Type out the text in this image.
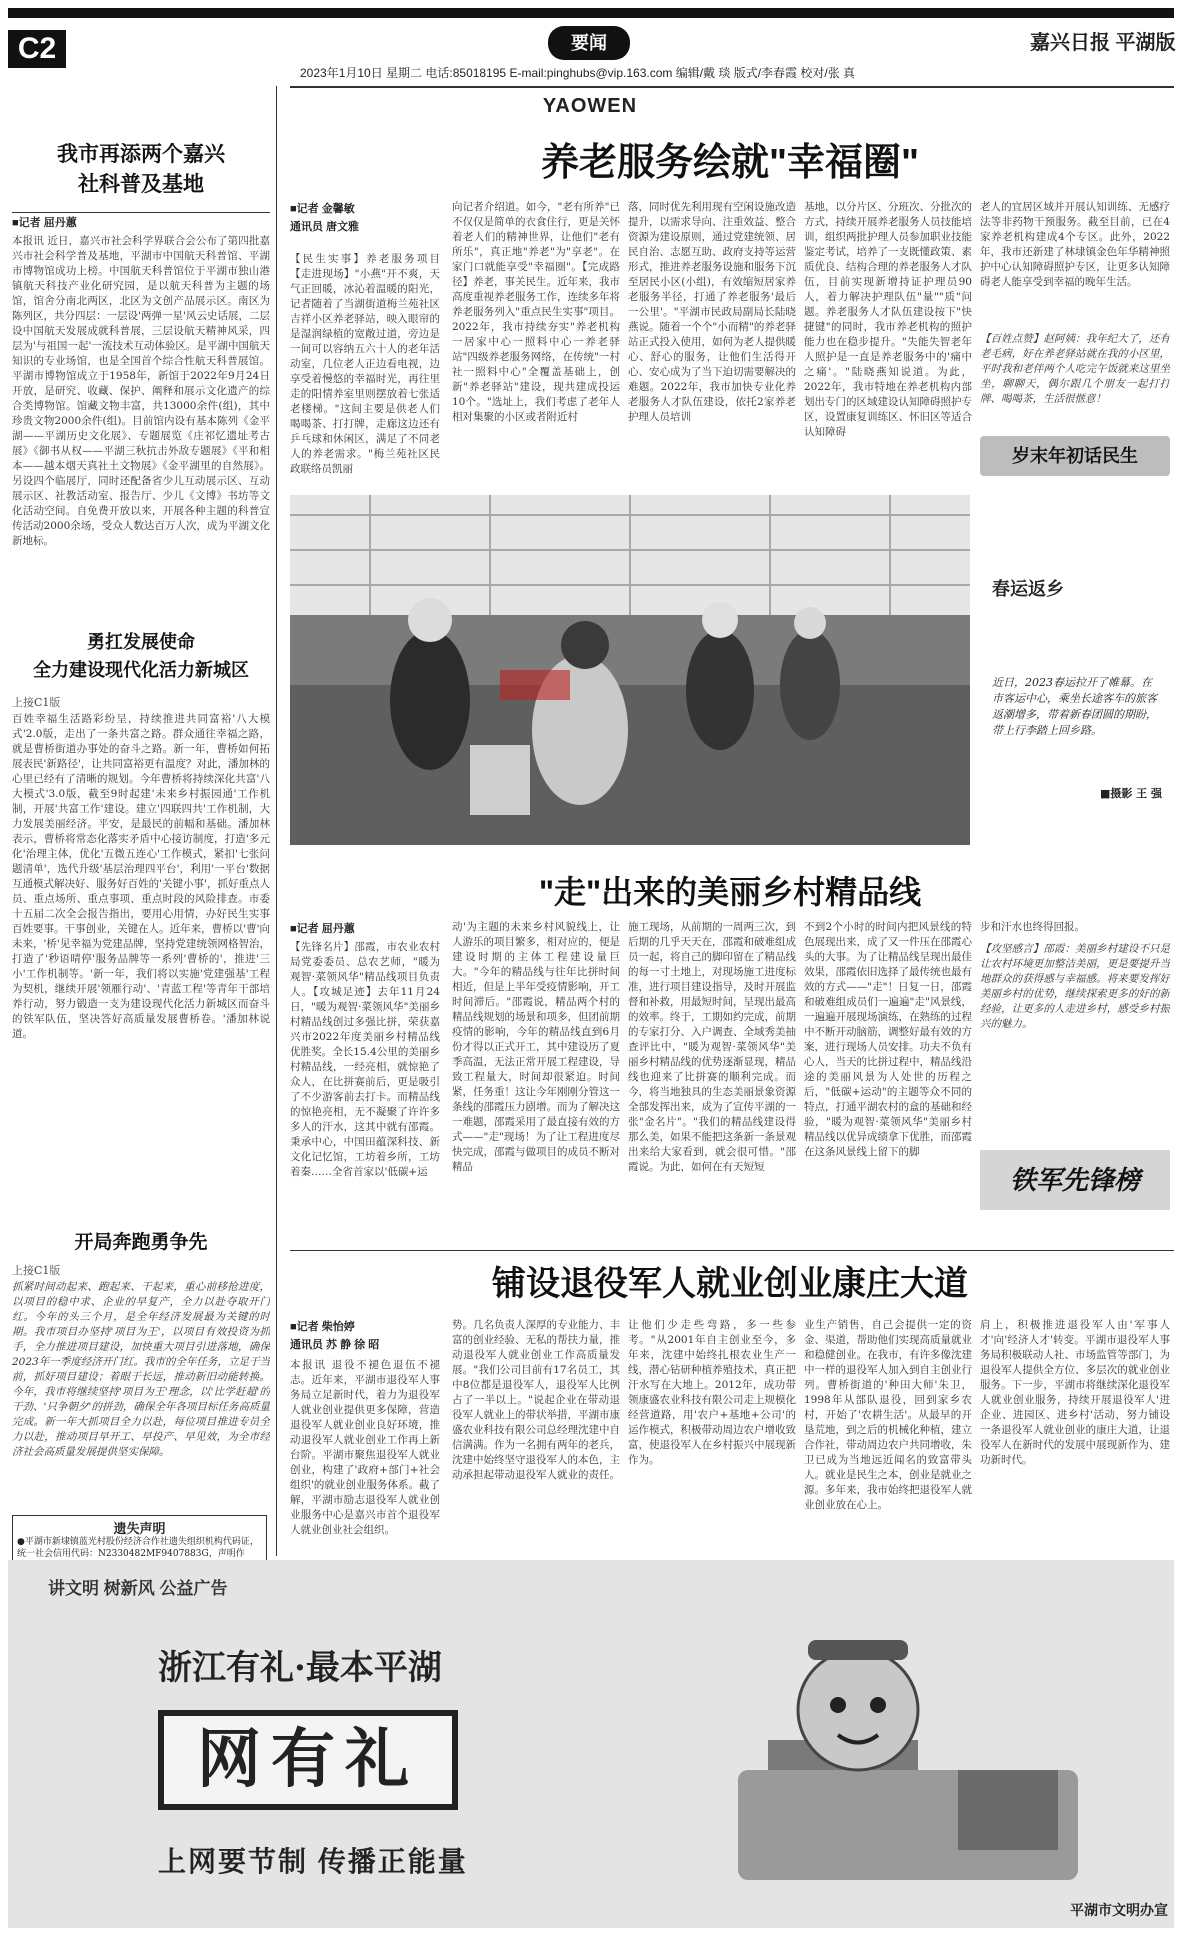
C2	要闻	嘉兴日报 平湖版
2023年1月10日 星期二 电话:85018195 E-mail:pinghubs@vip.163.com 编辑/戴 琰 版式/李春霞 校对/张 真
YAOWEN
我市再添两个嘉兴
社科普及基地
■记者 屈丹蕙
本报讯 近日，嘉兴市社会科学界联合会公布了第四批嘉兴市社会科学普及基地，平湖市中国航天科普馆、平湖市博物馆成功上榜。中国航天科普馆位于平湖市独山港镇航天科技产业化研究园，是以航天科普为主题的场馆，馆舍分南北两区，北区为文创产品展示区。南区为陈列区，共分四层：一层设'两弹一星'风云史话展，二层设中国航天发展成就科普展，三层设航天精神风采，四层为'与祖国一起'一流技术互动体验区。是平湖中国航天知识的专业场馆，也是全国首个综合性航天科普展馆。平湖市博物馆成立于1958年，新馆于2022年9月24日开放，是研究、收藏、保护、阐释和展示文化遗产的综合类博物馆。馆藏文物丰富，共13000余件(组)，其中珍贵文物2000余件(组)。目前馆内设有基本陈列《金平湖——平湖历史文化展》、专题展览《庄祁忆遗址考古展》《御书从权——平湖三秋抗击外敌专题展》《平和相本——越本烟天真社土文物展》《金平湖里的自然展》。另设四个临展厅，同时还配备省少儿互动展示区、互动展示区、社教活动室、报告厅、少儿《文博》书坊等文化活动空间。自免费开放以来，开展各种主题的科普宣传活动2000余场，受众人数达百万人次，成为平湖文化新地标。
勇扛发展使命
全力建设现代化活力新城区
上接C1版
百姓幸福生活路彩纷呈，持续推进共同富裕'八大模式'2.0版，走出了一条共富之路。群众通往幸福之路，就是曹桥街道办事处的奋斗之路。新一年，曹桥如何拓展表民'新路径'，让共同富裕更有温度？对此，潘加林的心里已经有了清晰的规划。今年曹桥将持续深化共富'八大模式'3.0版，截至9时起建'未来乡村振园通'工作机制，开展'共富工作'建设。建立'四联四共'工作机制，大力发展美丽经济。平安，是最民的前幅和基础。潘加林表示，曹桥将常态化落实矛盾中心接访制度，打造'多元化'治理主体，优化'五微五连心'工作模式，紧扣'七张问题清单'，选代升级'基层治理四平台'，利用'一平台'数据互通模式解决好、服务好百姓的'关键小事'，抓好重点人员、重点场所、重点事项、重点时段的风险排查。市委十五届二次全会报告指出，要用心用情，办好民生实事百姓要事。干事创业，关键在人。近年来，曹桥以'曹'向未来，'桥'见幸福为党建品牌，坚持党建统领网格智治，打造了'秒语晴停'服务品牌等一系列'曹桥的'，推进'三小'工作机制等。'新一年，我们将以实施'党建强基'工程为契机，继续开展'领雁行动'、'青蓝工程'等青年干部培养行动，努力锻造一支为建设现代化活力新城区而奋斗的铁军队伍，坚决答好高质量发展曹桥卷。'潘加林说道。
开局奔跑勇争先
上接C1版
抓紧时间动起来、跑起来、干起来，重心前移抢进度，以项目的稳中求、企业的早复产，全力以赴夺取开门红。今年的头三个月，是全年经济发展最为关键的时期。我市项目办坚持'项目为王'，以项目有效投资为抓手，全力推进项目建设，加快重大项目引进落地，确保2023年一季度经济开门红。我市的全年任务，立足于当前，抓好项目建设；着眼于长远，推动新旧动能转换。今年，我市将继续坚持'项目为王'理念，以'比学赶超'的干劲、'只争朝夕'的拼劲，确保全年各项目标任务高质量完成。新一年大抓项目全力以赴，每位项目推进专员全力以赴，推动项目早开工、早投产、早见效，为全市经济社会高质量发展提供坚实保障。
遗失声明
●平湖市新埭镇蓝光村股份经济合作社遗失组织机构代码证，统一社会信用代码：N2330482MF9407883G，声明作
养老服务绘就"幸福圈"
■记者 金馨敏
通讯员 唐文雅
【民生实事】养老服务项目 【走进现场】"小燕"开不爽，天气正回暖，冰沁着温暖的阳光，记者随着了当湖街道梅兰苑社区吉祥小区养老驿站，映入眼帘的是湿润绿植的宽敞过道，旁边是一间可以容纳五六十人的老年活动室，几位老人正边看电视，边享受着慢悠的幸福时光，再往里走的阳情养室里则摆放着七张适老楼梯。"这间主要是供老人们喝喝茶、打打牌，走廊这边还有乒乓球和休闲区，满足了不同老人的养老需求。"梅兰苑社区民政联络员凯丽
向记者介绍道。如今，"老有所养"已不仅仅是简单的衣食住行，更是关怀着老人们的精神世界，让他们"老有所乐"，真正地"养老"为"享老"。在家门口就能享受"幸福圈"。【完成路径】养老，事关民生。近年来，我市高度重视养老服务工作，连续多年将养老服务列入"重点民生实事"项目。2022年，我市持续夯实"养老机构一居家中心一照料中心一养老驿站"四级养老服务网络，在传统"一村社一照料中心"全覆盖基础上，创新"养老驿站"建设，现共建成投运10个。"选址上，我们考虑了老年人相对集聚的小区或者附近村
落，同时优先利用现有空闲设施改造提升，以需求导向、注重效益、整合资源为建设原则，通过党建统领、居民自治、志愿互助、政府支持等运营形式，推进养老服务设施和服务下沉至居民小区(小组)，有效缩短居家养老服务半径，打通了养老服务'最后一公里'。"平湖市民政局副局长陆晓燕说。随着一个个"小而精"的养老驿站正式投入使用，如何为老人提供暖心、舒心的服务，让他们生活得开心、安心成为了当下迫切需要解决的难题。2022年，我市加快专业化养老服务人才队伍建设，依托2家养老护理人员培训
基地，以分片区、分班次、分批次的方式，持续开展养老服务人员技能培训，组织两批护理人员参加职业技能鉴定考试，培养了一支既懂政策、素质优良、结构合理的养老服务人才队伍，目前实现新增持证护理员90人，着力解决护理队伍"量""质"问题。养老服务人才队伍建设按下"快捷键"的同时，我市养老机构的照护能力也在稳步提升。"失能失智老年人照护是一直是养老服务中的'痛中之痛'。"陆晓燕知说道。为此，2022年，我市特地在养老机构内部划出专门的区域建设认知障碍照护专区，设置康复训练区、怀旧区等适合认知障碍
老人的宜居区域并开展认知训练、无感疗法等非药物干预服务。截至目前，已在4家养老机构建成4个专区。此外，2022年，我市还新建了林埭镇金色年华精神照护中心认知障碍照护专区，让更多认知障碍老人能享受到幸福的晚年生活。
【百姓点赞】赵阿姨：我年纪大了，还有老毛病，好在养老驿站就在我的小区里，平时我和老伴两个人吃完午饭就来这里坐坐，聊聊天，偶尔跟几个朋友一起打打牌、喝喝茶，生活很惬意！
岁末年初话民生
春运返乡
近日，2023春运拉开了帷幕。在市客运中心，乘坐长途客车的旅客返潮增多，带着新春团圆的期盼，带上行李踏上回乡路。
■摄影 王 强
"走"出来的美丽乡村精品线
■记者 屈丹蕙
【先锋名片】邵霞，市农业农村局党委委员、总农艺师，"暖为观智·菜领风华"精品线项目负责人。【攻城足迹】去年11月24日，"暖为观智·菜领风华"美丽乡村精品线创过多强比拼，荣获嘉兴市2022年度美丽乡村精品线优胜奖。全长15.4公里的美丽乡村精品线，一经亮相，就惊艳了众人，在比拼赛前后，更是吸引了不少游客前去打卡。而精品线的惊艳亮相，无不凝聚了许许多多人的汗水，这其中就有邵霞。秉承中心，中国田蕴深科技、新文化记忆馆，工坊着乡所，工坊着秦……全省首家以'低碳+运
动'为主题的未来乡村风貌线上，让人游乐的项目繁多，相对应的，便是建设时期的主体工程建设量巨大。"今年的精品线与往年比拼时间相近，但是上半年受疫情影响，开工时间滞后。"邵霞说，精品两个村的精品线规划的场景和项多，但团前期疫情的影响，今年的精品线直到6月份才得以正式开工，其中建设历了夏季高温，无法正常开展工程建设，导致工程量大，时间却很紧迫。时间紧，任务重！这让今年刚刚分管这一条线的邵霞压力剧增。而为了解决这一难题，邵霞采用了最直接有效的方式——"走"现场！为了让工程进度尽快完成，邵霞与做项目的成员不断对精品
施工现场，从前期的一周两三次，到后期的几乎天天在，邵霞和破难组成员一起，将自己的脚印留在了精品线的每一寸土地上，对现场施工进度标准，进行项目建设指导，及时开展监督和补救，用最短时间，呈现出最高的效率。终于，工期如约完成，前期的专家打分、入户调查、全域秀美抽查评比中，"暖为观智·菜领风华"美丽乡村精品线的优势逐渐显现，精品线也迎来了比拼赛的顺利完成。而今，将当地独具的生态美丽景象资源全部发挥出来，成为了宣传平湖的一张"金名片"。"我们的精品线建设得那么美，如果不能把这条新一条景观出来给大家看到，就会很可惜。"邵霞说。为此，如何在有天短短
不到2个小时的时间内把风景线的特色展现出来，成了又一件压在邵霞心头的大事。为了让精品线呈现出最佳效果，邵霞依旧选择了最传统也最有效的方式——"走"！日复一日，邵霞和破难组成员们一遍遍"走"风景线，一遍遍开展现场演练，在熟练的过程中不断开动脑筋，调整好最有效的方案，进行现场人员安排。功夫不负有心人，当天的比拼过程中，精品线沿途的美丽风景为人处世的历程之后，"低碳+运动"的主题等众不同的特点，打通平湖农村的盒的基础和经验，"暖为观智·菜领风华"美丽乡村精品线以优异成绩拿下优胜，而邵霞在这条风景线上留下的脚
步和汗水也终得回报。
【攻坚感言】邵霞：美丽乡村建设不只是让农村环境更加整洁美丽，更是要提升当地群众的获得感与幸福感。将来要发挥好美丽乡村的优势，继续探索更多的好的新经验，让更多的人走进乡村，感受乡村振兴的魅力。
铁军先锋榜
铺设退役军人就业创业康庄大道
■记者 柴怡婷
通讯员 苏 静 徐 昭
本报讯 退役不褪色退伍不褪志。近年来，平湖市退役军人事务局立足新时代，着力为退役军人就业创业提供更多保障，营造退役军人就业创业良好环境，推动退役军人就业创业工作再上新台阶。平湖市聚焦退役军人就业创业，构建了'政府+部门+社会组织'的就业创业服务体系。截了解，平湖市励志退役军人就业创业服务中心是嘉兴市首个退役军人就业创业社会组织。
势。几名负责人深厚的专业能力、丰富的创业经验、无私的帮扶力量，推动退役军人就业创业工作高质量发展。"我们公司目前有17名员工，其中8位都是退役军人，退役军人比例占了一半以上。"说起企业在带动退役军人就业上的带状举措，平湖市康盛农业科技有限公司总经理沈建中自信满满。作为一名拥有两年的老兵，沈建中始终坚守退役军人的本色，主动承担起带动退役军人就业的责任。
让他们少走些弯路，多一些参考。"从2001年自主创业至今，多年来，沈建中始终扎根农业生产一线，潜心钻研种植养殖技术，真正把汗水写在大地上。2012年，成功带领康盛农业科技有限公司走上规模化经营道路，用'农户+基地+公司'的运作模式，积极带动周边农户增收致富，使退役军人在乡村振兴中展现新作为。
业生产销售，自己会提供一定的资金、渠道，帮助他们实现高质量就业和稳健创业。在我市，有许多像沈建中一样的退役军人加入到自主创业行列。曹桥街道的'种田大师'朱卫，1998年从部队退役，回到家乡农村，开始了'农耕生活'。从最早的开垦荒地，到之后的机械化种植，建立合作社，带动周边农户共同增收，朱卫已成为当地远近闻名的致富带头人。就业是民生之本，创业是就业之源。多年来，我市始终把退役军人就业创业放在心上。
肩上，积极推进退役军人由'军事人才'向'经济人才'转变。平湖市退役军人事务局积极联动人社、市场监管等部门，为退役军人提供全方位、多层次的就业创业服务。下一步，平湖市将继续深化退役军人就业创业服务，持续开展退役军人'进企业、进园区、进乡村'活动，努力铺设一条退役军人就业创业的康庄大道，让退役军人在新时代的发展中展现新作为、建功新时代。
讲文明 树新风 公益广告
浙江有礼·最本平湖
网有礼
上网要节制 传播正能量
平湖市文明办宣
